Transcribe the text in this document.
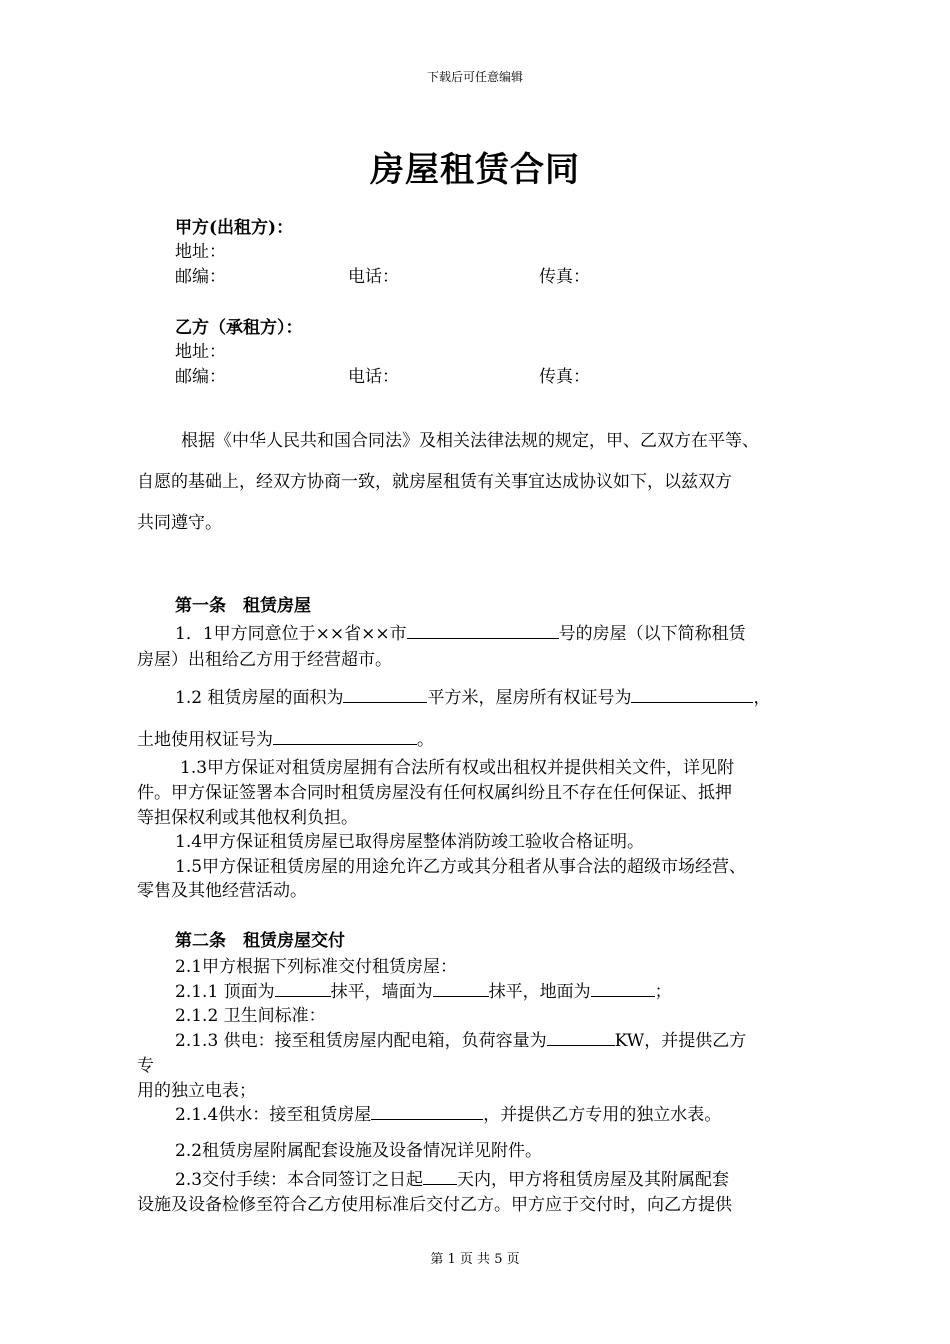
下载后可任意编辑
房屋租赁合同
甲方(出租方)：
地址：
邮编：	电话：	传真：
乙方（承租方）：
地址：
邮编：	电话：	传真：
根据《中华人民共和国合同法》及相关法律法规的规定，甲、乙双方在平等、
自愿的基础上，经双方协商一致，就房屋租赁有关事宜达成协议如下，以兹双方
共同遵守。
第一条　租赁房屋
1．1甲方同意位于××省××市	号的房屋（以下简称租赁
房屋）出租给乙方用于经营超市。
1.2 租赁房屋的面积为	平方米，屋房所有权证号为	，
土地使用权证号为	。
1.3甲方保证对租赁房屋拥有合法所有权或出租权并提供相关文件，详见附
件。甲方保证签署本合同时租赁房屋没有任何权属纠纷且不存在任何保证、抵押
等担保权利或其他权利负担。
1.4甲方保证租赁房屋已取得房屋整体消防竣工验收合格证明。
1.5甲方保证租赁房屋的用途允许乙方或其分租者从事合法的超级市场经营、
零售及其他经营活动。
第二条　租赁房屋交付
2.1甲方根据下列标准交付租赁房屋：
2.1.1 顶面为	抹平，墙面为	抹平，地面为	；
2.1.2 卫生间标准：
2.1.3 供电：接至租赁房屋内配电箱，负荷容量为	KW，并提供乙方
专
用的独立电表；
2.1.4供水：接至租赁房屋	，并提供乙方专用的独立水表。
2.2租赁房屋附属配套设施及设备情况详见附件。
2.3交付手续：本合同签订之日起 天内，甲方将租赁房屋及其附属配套
设施及设备检修至符合乙方使用标准后交付乙方。甲方应于交付时，向乙方提供
第 1 页 共 5 页
